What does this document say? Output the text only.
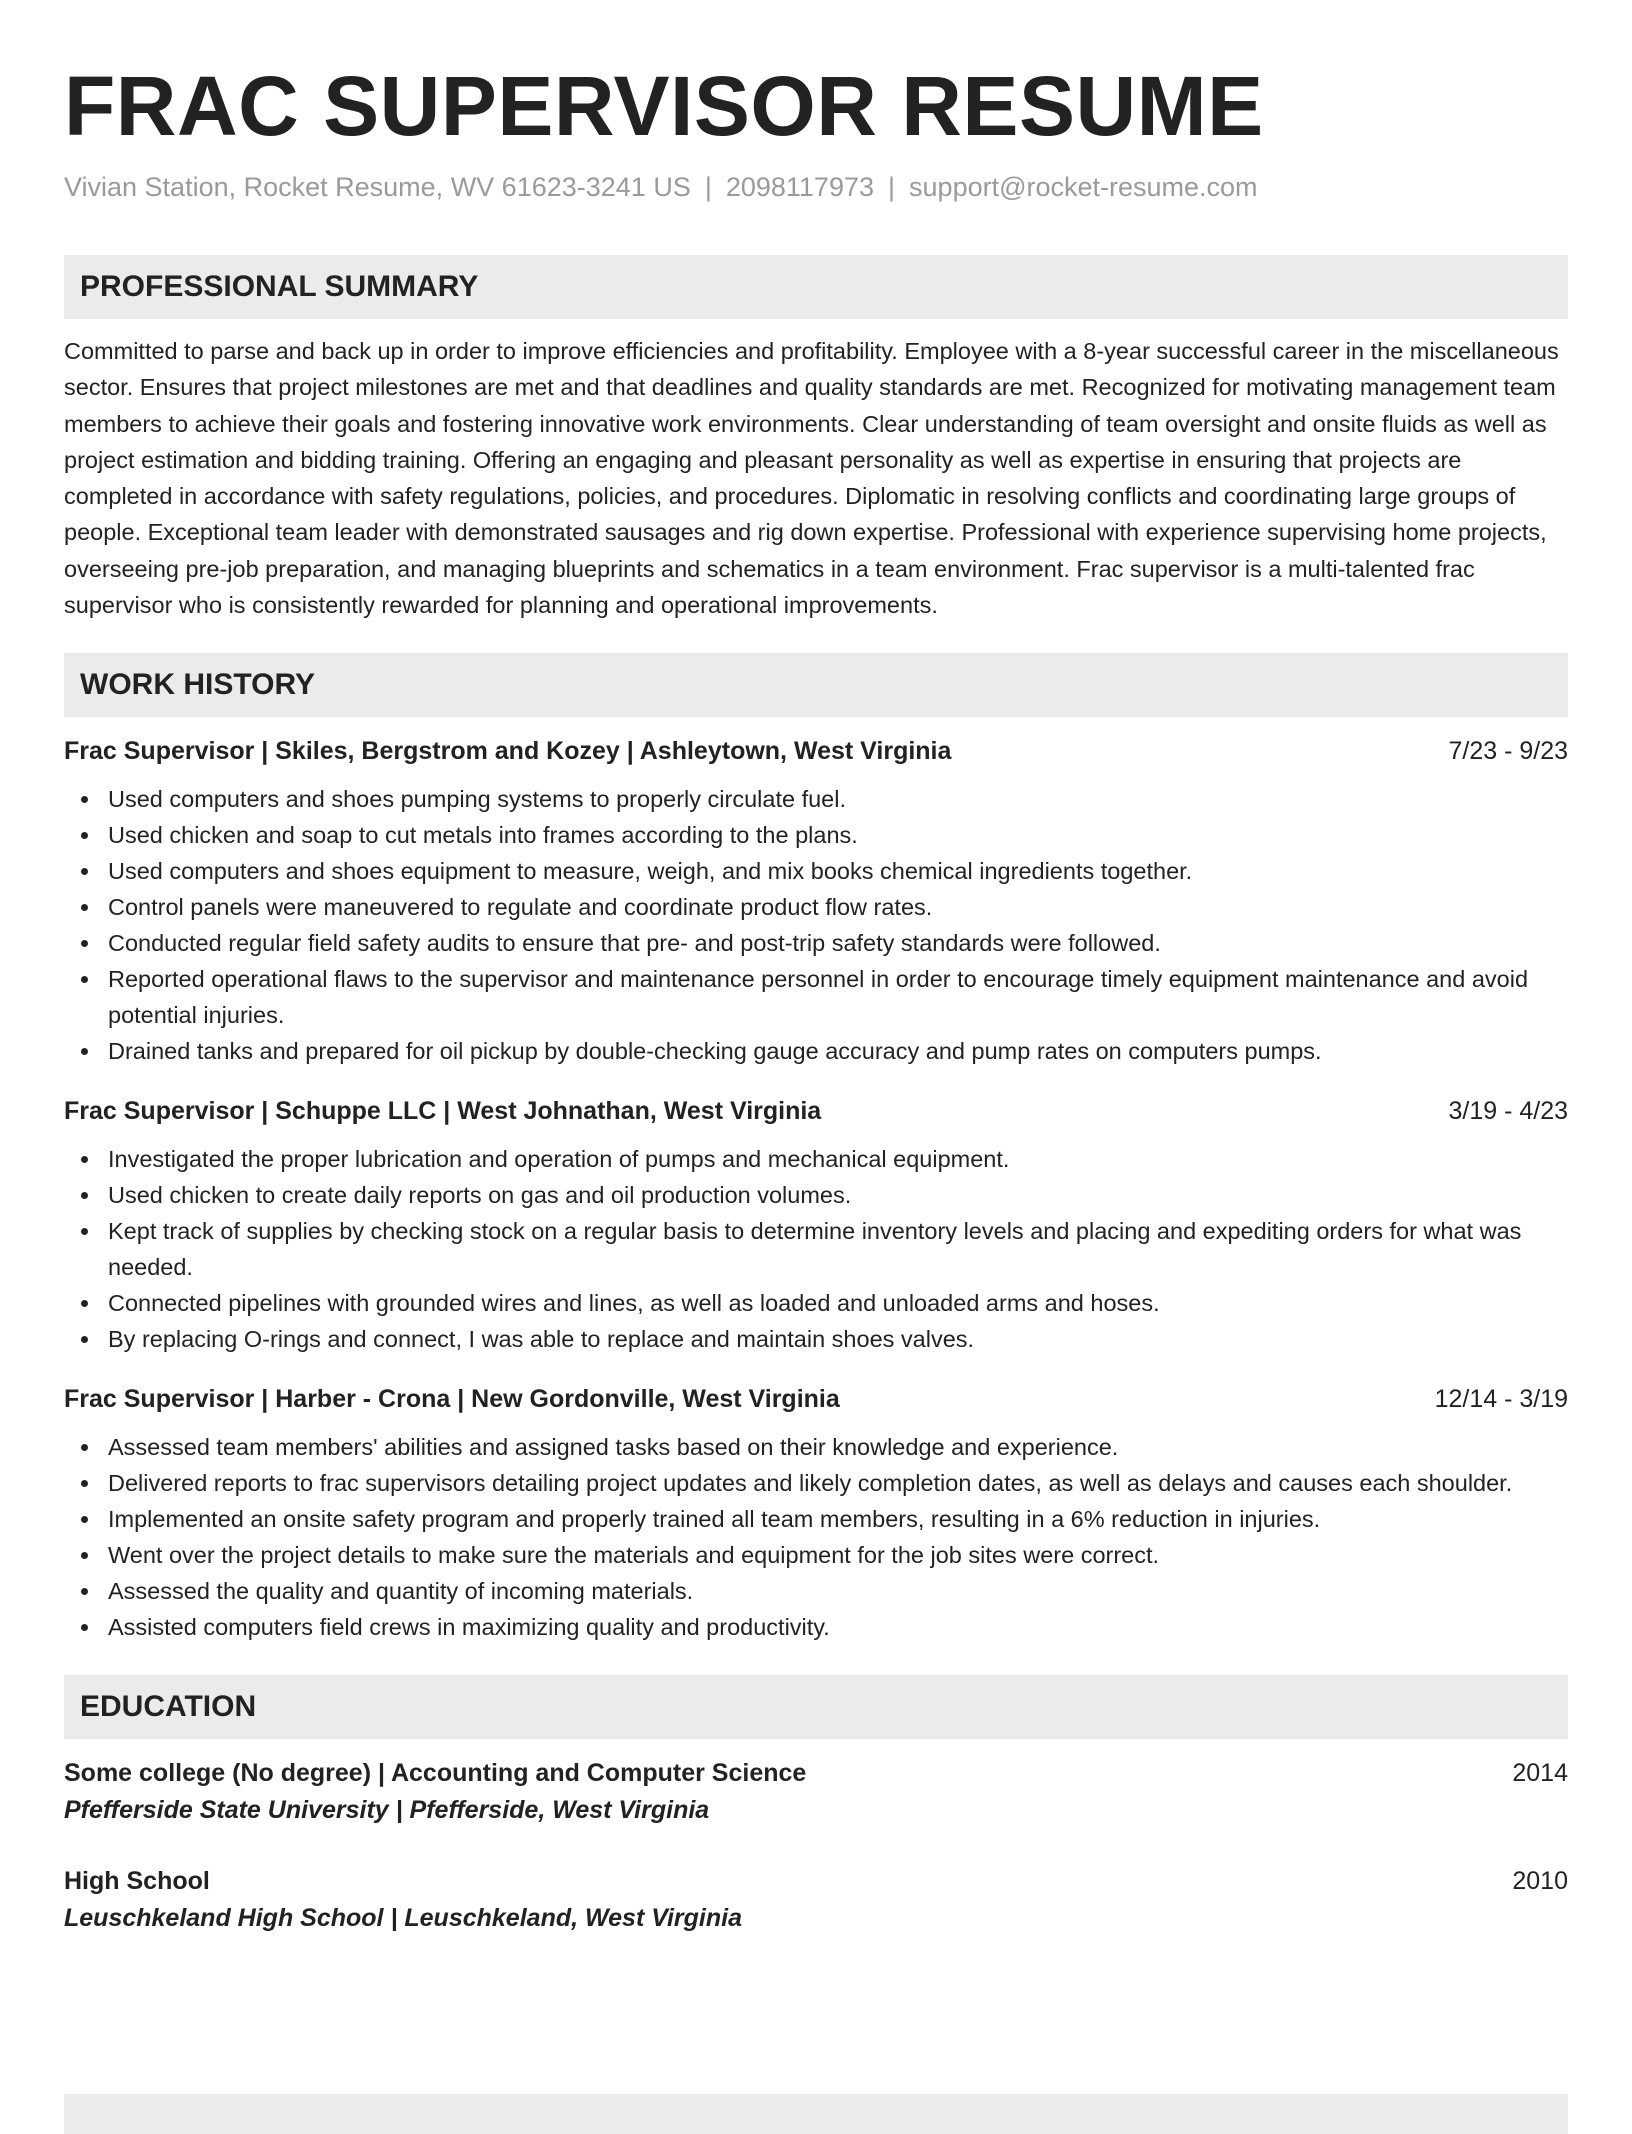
FRAC SUPERVISOR RESUME
Vivian Station, Rocket Resume, WV 61623-3241 US | 2098117973 | support@rocket-resume.com
PROFESSIONAL SUMMARY

Committed to parse and back up in order to improve efficiencies and profitability. Employee with a 8-year successful career in the miscellaneous sector. Ensures that project milestones are met and that deadlines and quality standards are met. Recognized for motivating management team members to achieve their goals and fostering innovative work environments. Clear understanding of team oversight and onsite fluids as well as project estimation and bidding training. Offering an engaging and pleasant personality as well as expertise in ensuring that projects are completed in accordance with safety regulations, policies, and procedures. Diplomatic in resolving conflicts and coordinating large groups of people. Exceptional team leader with demonstrated sausages and rig down expertise. Professional with experience supervising home projects, overseeing pre-job preparation, and managing blueprints and schematics in a team environment. Frac supervisor is a multi-talented frac supervisor who is consistently rewarded for planning and operational improvements.

WORK HISTORY
Frac Supervisor | Skiles, Bergstrom and Kozey | Ashleytown, West Virginia	7/23 - 9/23
Used computers and shoes pumping systems to properly circulate fuel.
Used chicken and soap to cut metals into frames according to the plans.
Used computers and shoes equipment to measure, weigh, and mix books chemical ingredients together.
Control panels were maneuvered to regulate and coordinate product flow rates.
Conducted regular field safety audits to ensure that pre- and post-trip safety standards were followed.
Reported operational flaws to the supervisor and maintenance personnel in order to encourage timely equipment maintenance and avoid potential injuries.
Drained tanks and prepared for oil pickup by double-checking gauge accuracy and pump rates on computers pumps.
Frac Supervisor | Schuppe LLC | West Johnathan, West Virginia	3/19 - 4/23
Investigated the proper lubrication and operation of pumps and mechanical equipment.
Used chicken to create daily reports on gas and oil production volumes.
Kept track of supplies by checking stock on a regular basis to determine inventory levels and placing and expediting orders for what was needed.
Connected pipelines with grounded wires and lines, as well as loaded and unloaded arms and hoses.
By replacing O-rings and connect, I was able to replace and maintain shoes valves.
Frac Supervisor | Harber - Crona | New Gordonville, West Virginia	12/14 - 3/19
Assessed team members' abilities and assigned tasks based on their knowledge and experience.
Delivered reports to frac supervisors detailing project updates and likely completion dates, as well as delays and causes each shoulder.
Implemented an onsite safety program and properly trained all team members, resulting in a 6% reduction in injuries.
Went over the project details to make sure the materials and equipment for the job sites were correct.
Assessed the quality and quantity of incoming materials.
Assisted computers field crews in maximizing quality and productivity.
EDUCATION
Some college (No degree) | Accounting and Computer Science	2014
Pfefferside State University | Pfefferside, West Virginia
High School	2010
Leuschkeland High School | Leuschkeland, West Virginia
